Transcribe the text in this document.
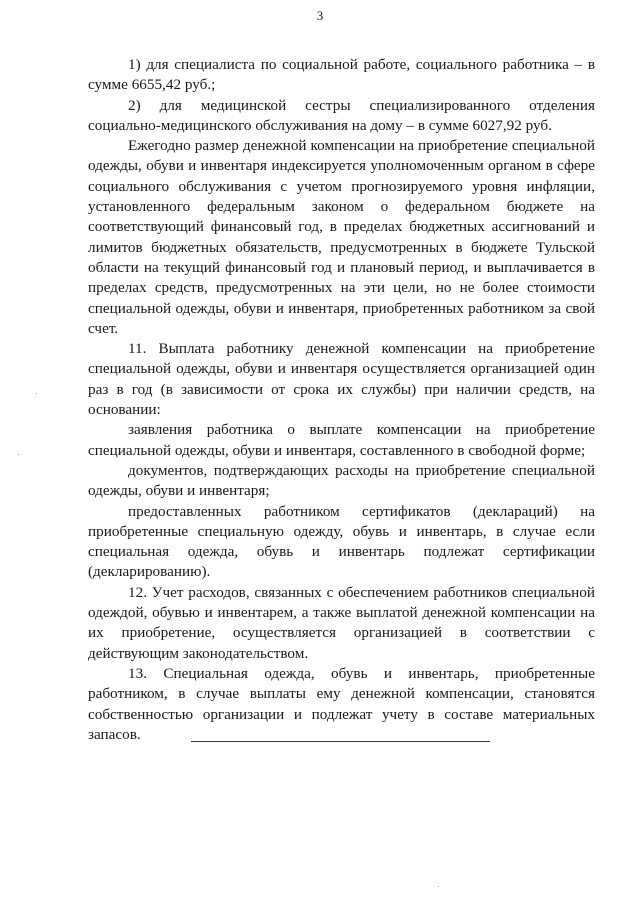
3

1) для специалиста по социальной работе, социального работника – в сумме 6655,42 руб.;

2) для медицинской сестры специализированного отделения социально-медицинского обслуживания на дому – в сумме 6027,92 руб.

Ежегодно размер денежной компенсации на приобретение специальной одежды, обуви и инвентаря индексируется уполномоченным органом в сфере социального обслуживания с учетом прогнозируемого уровня инфляции, установленного федеральным законом о федеральном бюджете на соответствующий финансовый год, в пределах бюджетных ассигнований и лимитов бюджетных обязательств, предусмотренных в бюджете Тульской области на текущий финансовый год и плановый период, и выплачивается в пределах средств, предусмотренных на эти цели, но не более стоимости специальной одежды, обуви и инвентаря, приобретенных работником за свой счет.

11. Выплата работнику денежной компенсации на приобретение специальной одежды, обуви и инвентаря осуществляется организацией один раз в год (в зависимости от срока их службы) при наличии средств, на основании:

заявления работника о выплате компенсации на приобретение специальной одежды, обуви и инвентаря, составленного в свободной форме;

документов, подтверждающих расходы на приобретение специальной одежды, обуви и инвентаря;

предоставленных работником сертификатов (деклараций) на приобретенные специальную одежду, обувь и инвентарь, в случае если специальная одежда, обувь и инвентарь подлежат сертификации (декларированию).

12. Учет расходов, связанных с обеспечением работников специальной одеждой, обувью и инвентарем, а также выплатой денежной компенсации на их приобретение, осуществляется организацией в соответствии с действующим законодательством.

13. Специальная одежда, обувь и инвентарь, приобретенные работником, в случае выплаты ему денежной компенсации, становятся собственностью организации и подлежат учету в составе материальных запасов.
